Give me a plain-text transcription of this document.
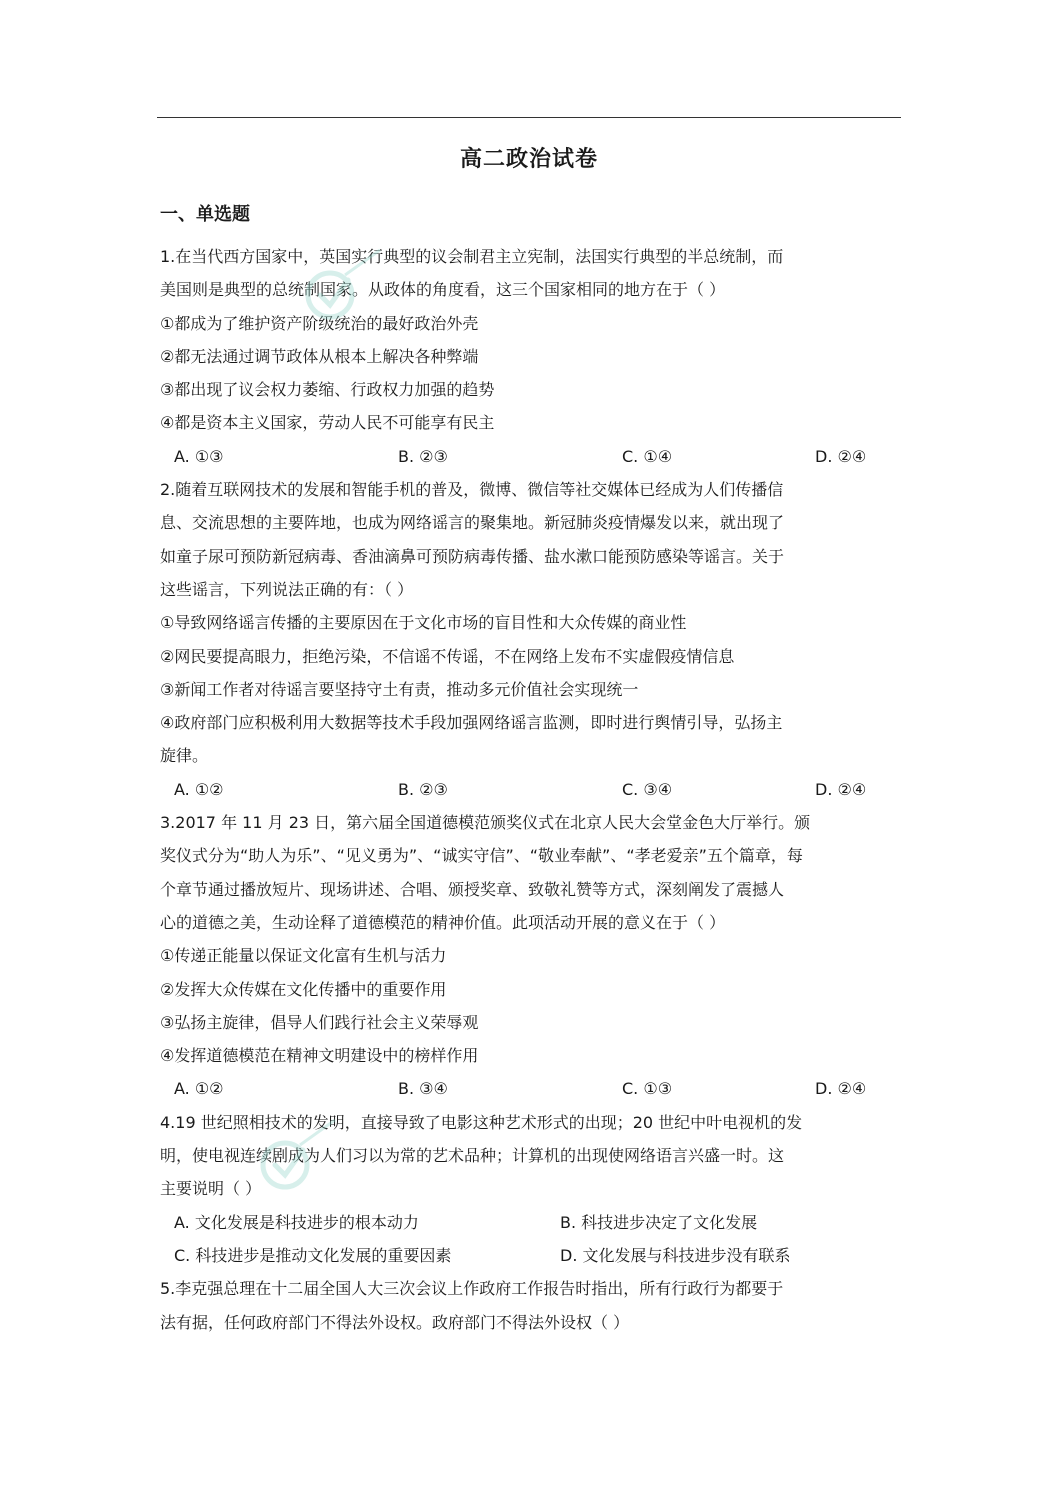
高二政治试卷
一、单选题
1.在当代西方国家中，英国实行典型的议会制君主立宪制，法国实行典型的半总统制，而
美国则是典型的总统制国家。从政体的角度看，这三个国家相同的地方在于（ ）
①都成为了维护资产阶级统治的最好政治外壳
②都无法通过调节政体从根本上解决各种弊端
③都出现了议会权力萎缩、行政权力加强的趋势
④都是资本主义国家，劳动人民不可能享有民主
A. ①③	B. ②③	C. ①④	D. ②④
2.随着互联网技术的发展和智能手机的普及，微博、微信等社交媒体已经成为人们传播信
息、交流思想的主要阵地，也成为网络谣言的聚集地。新冠肺炎疫情爆发以来，就出现了
如童子尿可预防新冠病毒、香油滴鼻可预防病毒传播、盐水漱口能预防感染等谣言。关于
这些谣言，下列说法正确的有：（ ）
①导致网络谣言传播的主要原因在于文化市场的盲目性和大众传媒的商业性
②网民要提高眼力，拒绝污染，不信谣不传谣，不在网络上发布不实虚假疫情信息
③新闻工作者对待谣言要坚持守土有责，推动多元价值社会实现统一
④政府部门应积极利用大数据等技术手段加强网络谣言监测，即时进行舆情引导，弘扬主
旋律。
A. ①②	B. ②③	C. ③④	D. ②④
3.2017 年 11 月 23 日，第六届全国道德模范颁奖仪式在北京人民大会堂金色大厅举行。颁
奖仪式分为“助人为乐”、“见义勇为”、“诚实守信”、“敬业奉献”、“孝老爱亲”五个篇章，每
个章节通过播放短片、现场讲述、合唱、颁授奖章、致敬礼赞等方式，深刻阐发了震撼人
心的道德之美，生动诠释了道德模范的精神价值。此项活动开展的意义在于（ ）
①传递正能量以保证文化富有生机与活力
②发挥大众传媒在文化传播中的重要作用
③弘扬主旋律，倡导人们践行社会主义荣辱观
④发挥道德模范在精神文明建设中的榜样作用
A. ①②	B. ③④	C. ①③	D. ②④
4.19 世纪照相技术的发明，直接导致了电影这种艺术形式的出现；20 世纪中叶电视机的发
明，使电视连续剧成为人们习以为常的艺术品种；计算机的出现使网络语言兴盛一时。这
主要说明（ ）
A. 文化发展是科技进步的根本动力	B. 科技进步决定了文化发展
C. 科技进步是推动文化发展的重要因素	D. 文化发展与科技进步没有联系
5.李克强总理在十二届全国人大三次会议上作政府工作报告时指出，所有行政行为都要于
法有据，任何政府部门不得法外设权。政府部门不得法外设权（ ）
